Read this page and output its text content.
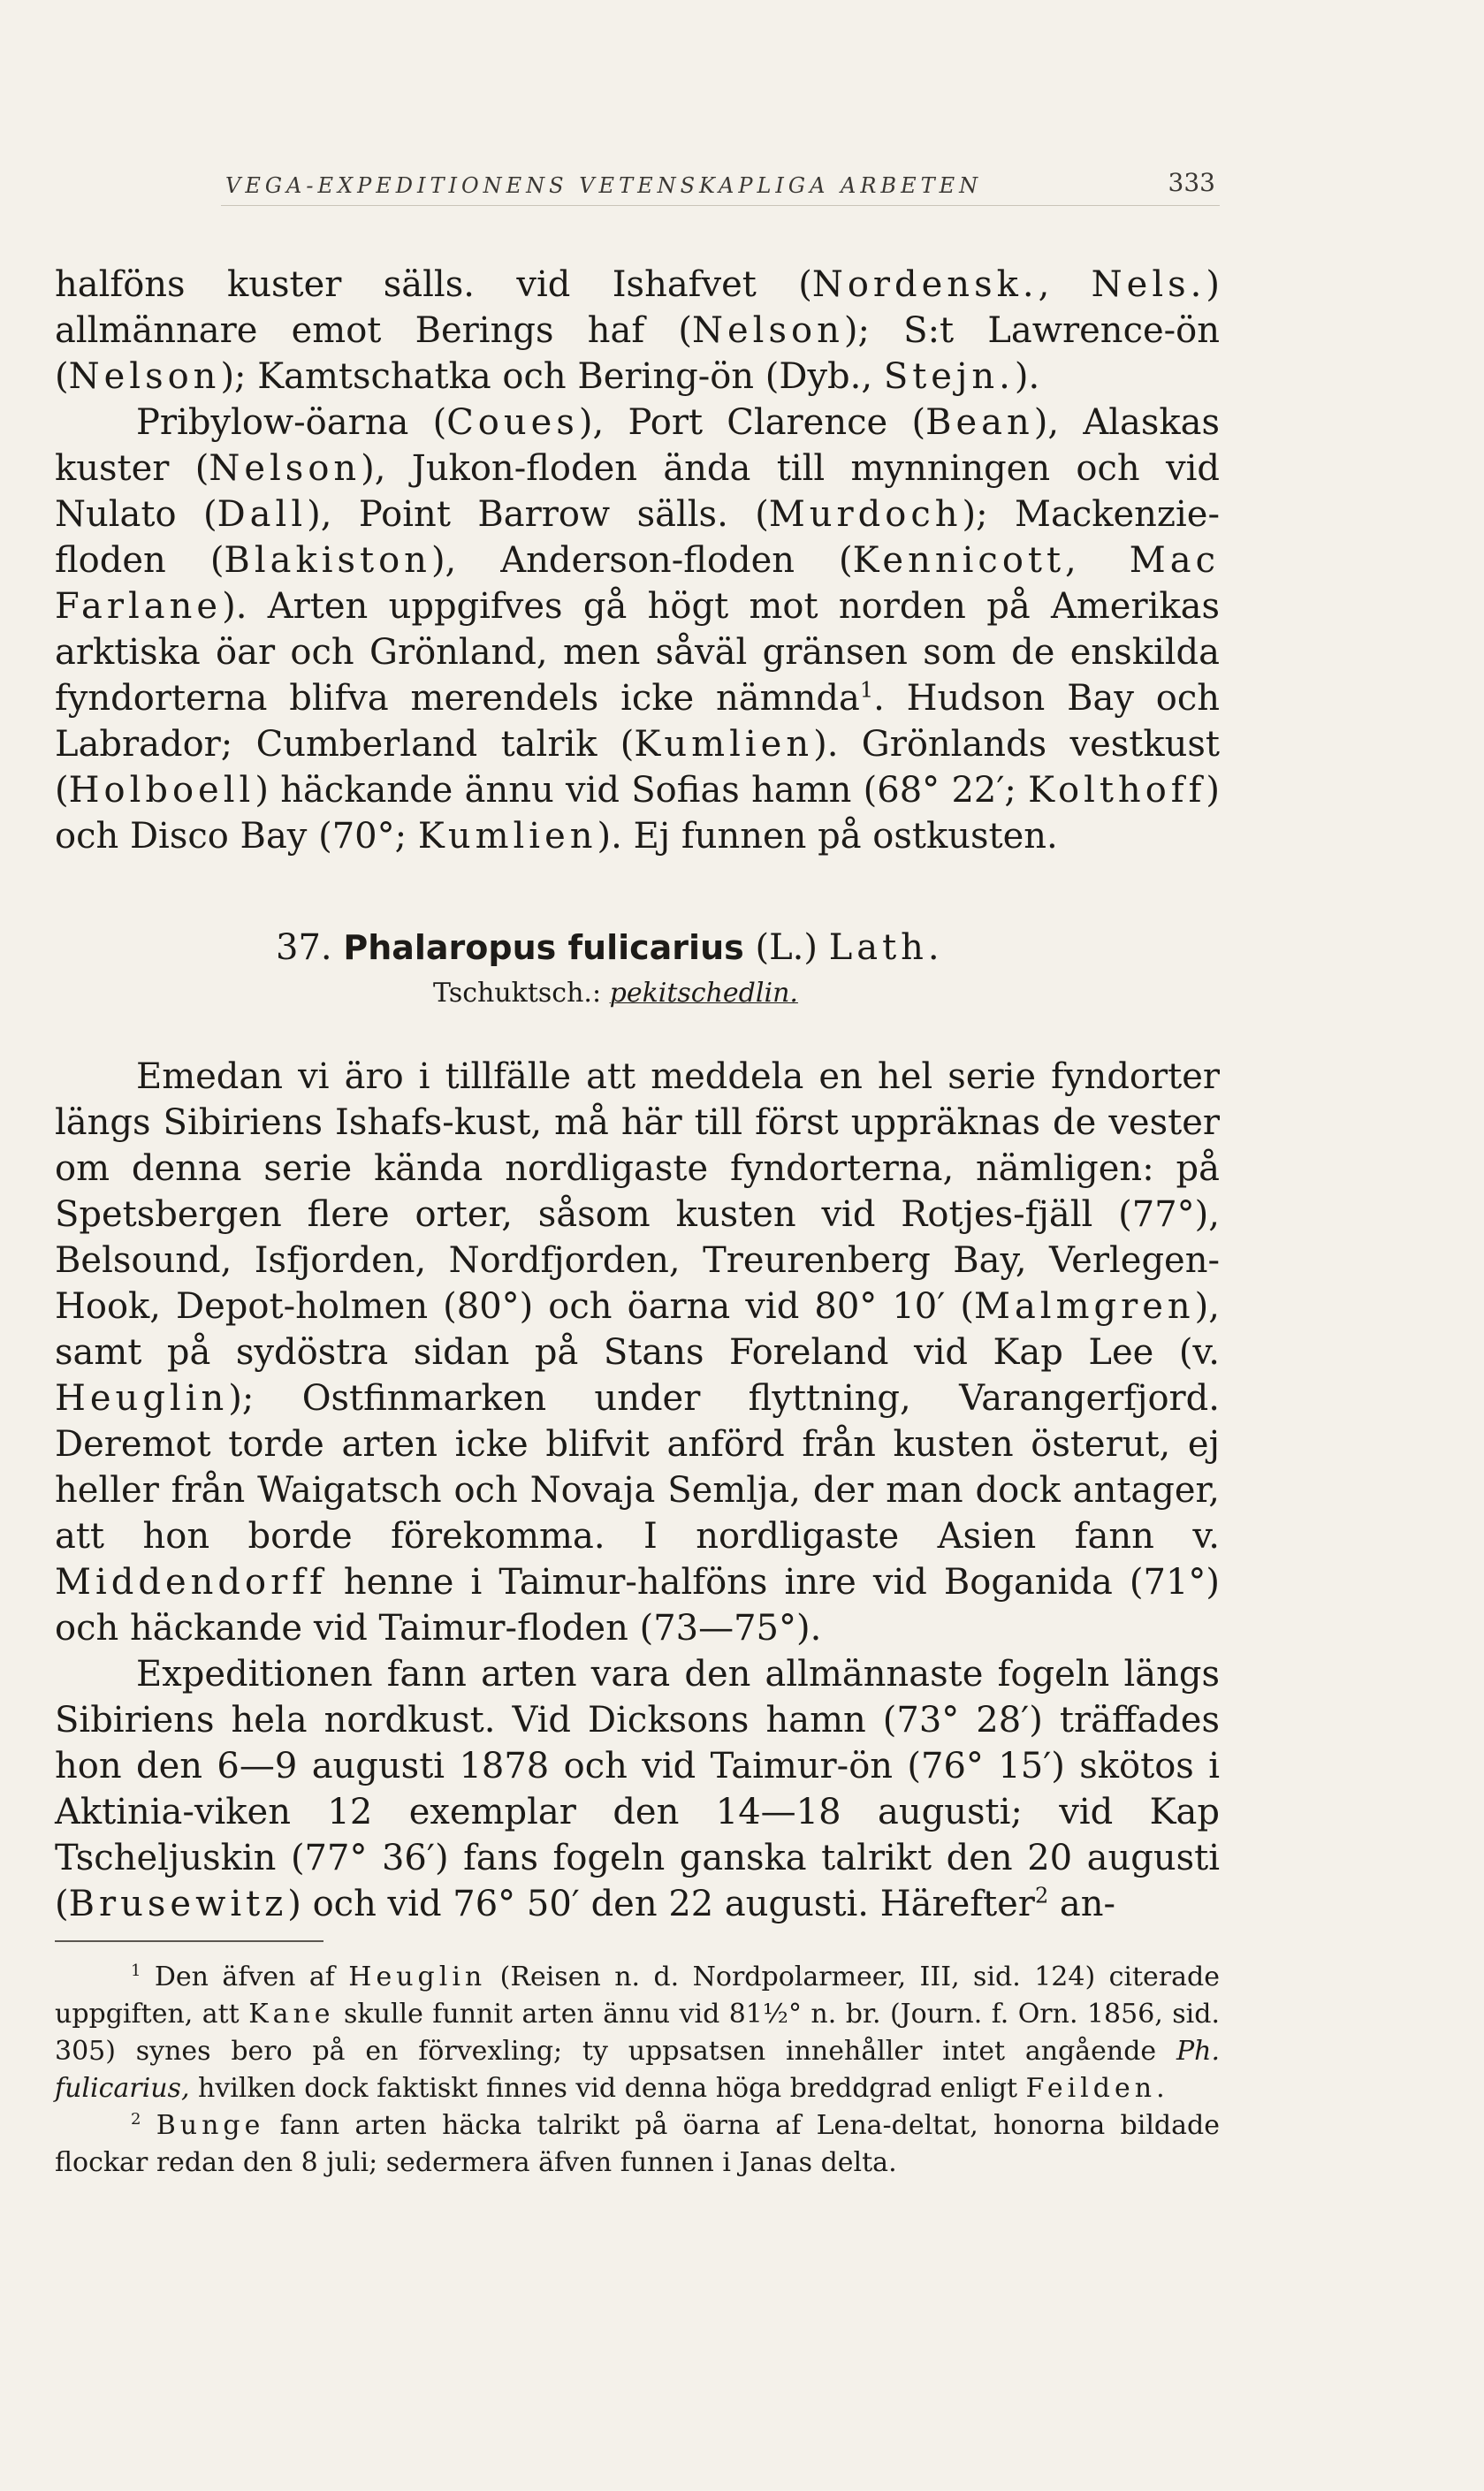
VEGA-EXPEDITIONENS VETENSKAPLIGA ARBETEN	333

halföns kuster sälls. vid Ishafvet (Nordensk., Nels.) allmännare emot Berings haf (Nelson); S:t Lawrence-ön (Nelson); Kamtschatka och Bering-ön (Dyb., Stejn.).

Pribylow-öarna (Coues), Port Clarence (Bean), Alaskas kuster (Nelson), Jukon-floden ända till mynningen och vid Nulato (Dall), Point Barrow sälls. (Murdoch); Mackenzie-floden (Blakiston), Anderson-floden (Kennicott, Mac Farlane). Arten uppgifves gå högt mot norden på Amerikas arktiska öar och Grönland, men såväl gränsen som de enskilda fyndorterna blifva merendels icke nämnda$^1$. Hudson Bay och Labrador; Cumberland talrik (Kumlien). Grönlands vestkust (Holboell) häckande ännu vid Sofias hamn (68° 22′; Kolthoff) och Disco Bay (70°; Kumlien). Ej funnen på ostkusten.

37. Phalaropus fulicarius (L.) Lath.
Tschuktsch.: pekitschedlin.

Emedan vi äro i tillfälle att meddela en hel serie fyndorter längs Sibiriens Ishafs-kust, må här till först uppräknas de vester om denna serie kända nordligaste fyndorterna, nämligen: på Spetsbergen flere orter, såsom kusten vid Rotjes-fjäll (77°), Belsound, Isfjorden, Nordfjorden, Treurenberg Bay, Verlegen-Hook, Depot-holmen (80°) och öarna vid 80° 10′ (Malmgren), samt på sydöstra sidan på Stans Foreland vid Kap Lee (v. Heuglin); Ostfinmarken under flyttning, Varangerfjord. Deremot torde arten icke blifvit anförd från kusten österut, ej heller från Waigatsch och Novaja Semlja, der man dock antager, att hon borde förekomma. I nordligaste Asien fann v. Middendorff henne i Taimur-halföns inre vid Boganida (71°) och häckande vid Taimur-floden (73—75°).

Expeditionen fann arten vara den allmännaste fogeln längs Sibiriens hela nordkust. Vid Dicksons hamn (73° 28′) träffades hon den 6—9 augusti 1878 och vid Taimur-ön (76° 15′) skötos i Aktinia-viken 12 exemplar den 14—18 augusti; vid Kap Tscheljuskin (77° 36′) fans fogeln ganska talrikt den 20 augusti (Brusewitz) och vid 76° 50′ den 22 augusti. Härefter$^2$ an-

$^1$ Den äfven af Heuglin (Reisen n. d. Nordpolarmeer, III, sid. 124) citerade uppgiften, att Kane skulle funnit arten ännu vid 81½° n. br. (Journ. f. Orn. 1856, sid. 305) synes bero på en förvexling; ty uppsatsen innehåller intet angående Ph. fulicarius, hvilken dock faktiskt finnes vid denna höga breddgrad enligt Feilden.

$^2$ Bunge fann arten häcka talrikt på öarna af Lena-deltat, honorna bildade flockar redan den 8 juli; sedermera äfven funnen i Janas delta.
